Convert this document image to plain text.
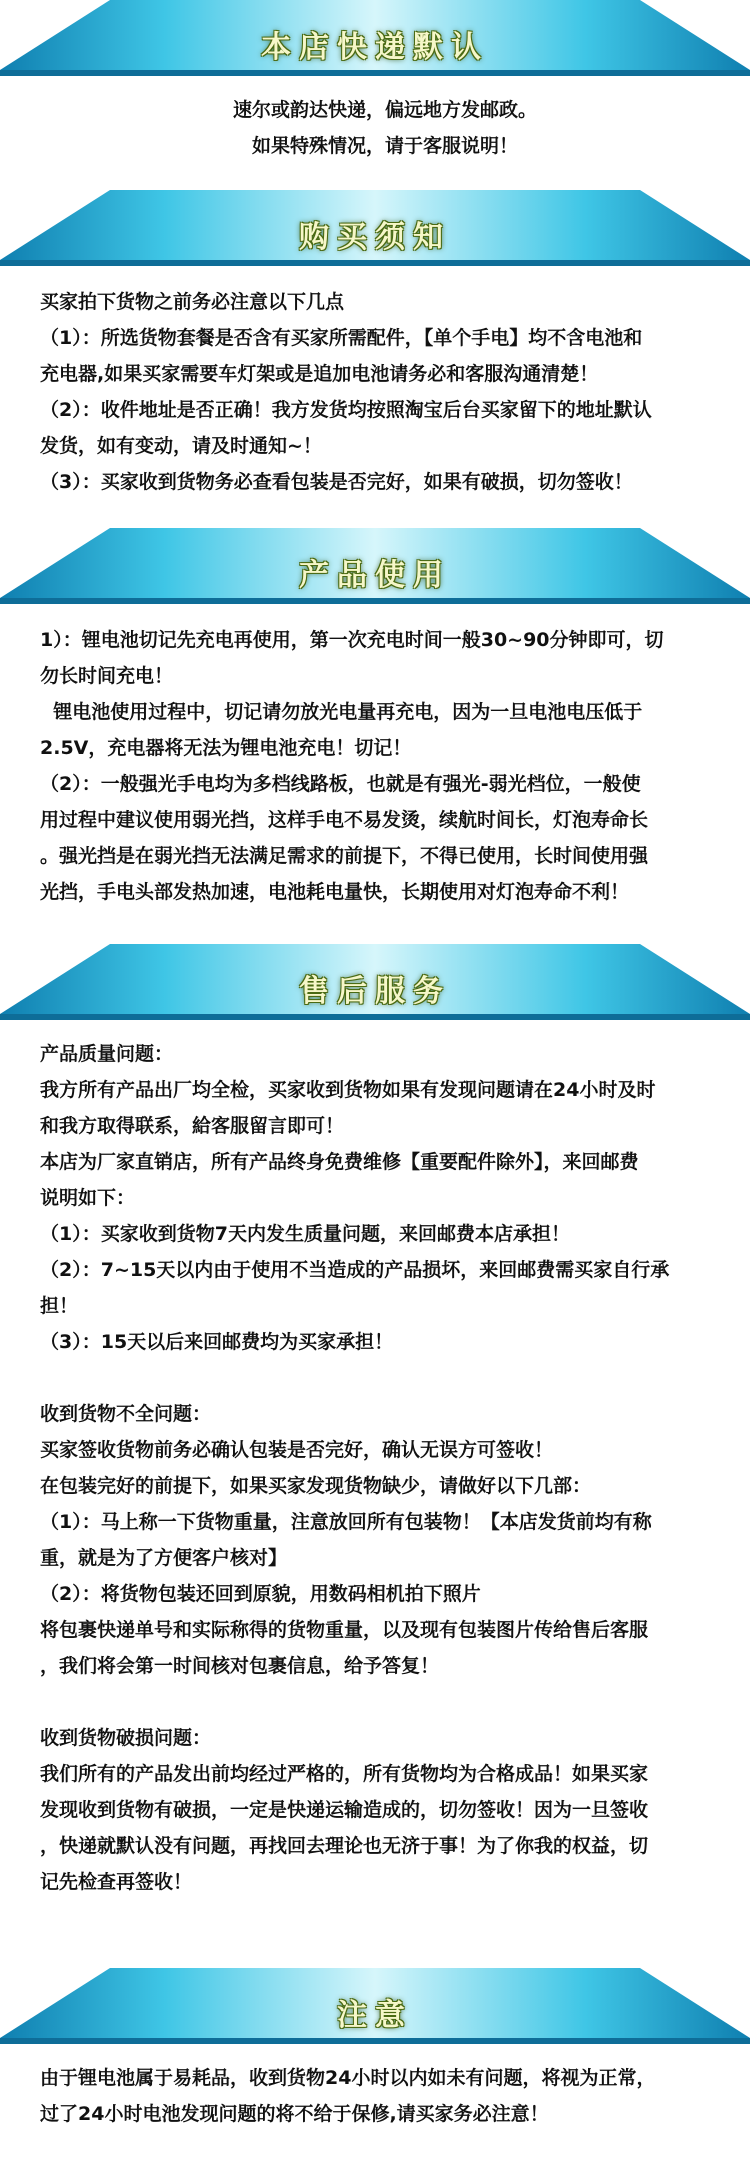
本店快递默认

速尔或韵达快递，偏远地方发邮政。

如果特殊情况，请于客服说明！

购买须知

买家拍下货物之前务必注意以下几点

（1）：所选货物套餐是否含有买家所需配件，【单个手电】均不含电池和

充电器,如果买家需要车灯架或是追加电池请务必和客服沟通清楚！

（2）：收件地址是否正确！我方发货均按照淘宝后台买家留下的地址默认

发货，如有变动，请及时通知~！

（3）：买家收到货物务必查看包装是否完好，如果有破损，切勿签收！

产品使用

1）：锂电池切记先充电再使用，第一次充电时间一般30~90分钟即可，切

勿长时间充电！

锂电池使用过程中，切记请勿放光电量再充电，因为一旦电池电压低于

2.5V，充电器将无法为锂电池充电！切记！

（2）：一般强光手电均为多档线路板，也就是有强光-弱光档位，一般使

用过程中建议使用弱光挡，这样手电不易发烫，续航时间长，灯泡寿命长

。强光挡是在弱光挡无法满足需求的前提下，不得已使用，长时间使用强

光挡，手电头部发热加速，电池耗电量快，长期使用对灯泡寿命不利！

售后服务

产品质量问题：

我方所有产品出厂均全检，买家收到货物如果有发现问题请在24小时及时

和我方取得联系，給客服留言即可！

本店为厂家直销店，所有产品终身免费维修【重要配件除外】，来回邮费

说明如下：

（1）：买家收到货物7天内发生质量问题，来回邮费本店承担！

（2）：7~15天以内由于使用不当造成的产品损坏，来回邮费需买家自行承

担！

（3）：15天以后来回邮费均为买家承担！

收到货物不全问题：

买家签收货物前务必确认包装是否完好，确认无误方可签收！

在包装完好的前提下，如果买家发现货物缺少，请做好以下几部：

（1）：马上称一下货物重量，注意放回所有包装物！【本店发货前均有称

重，就是为了方便客户核对】

（2）：将货物包装还回到原貌，用数码相机拍下照片

将包裹快递单号和实际称得的货物重量，以及现有包装图片传给售后客服

，我们将会第一时间核对包裹信息，给予答复！

收到货物破损问题：

我们所有的产品发出前均经过严格的，所有货物均为合格成品！如果买家

发现收到货物有破损，一定是快递运输造成的，切勿签收！因为一旦签收

，快递就默认没有问题，再找回去理论也无济于事！为了你我的权益，切

记先检查再签收！

注意

由于锂电池属于易耗品，收到货物24小时以内如未有问题，将视为正常，

过了24小时电池发现问题的将不给于保修,请买家务必注意！
